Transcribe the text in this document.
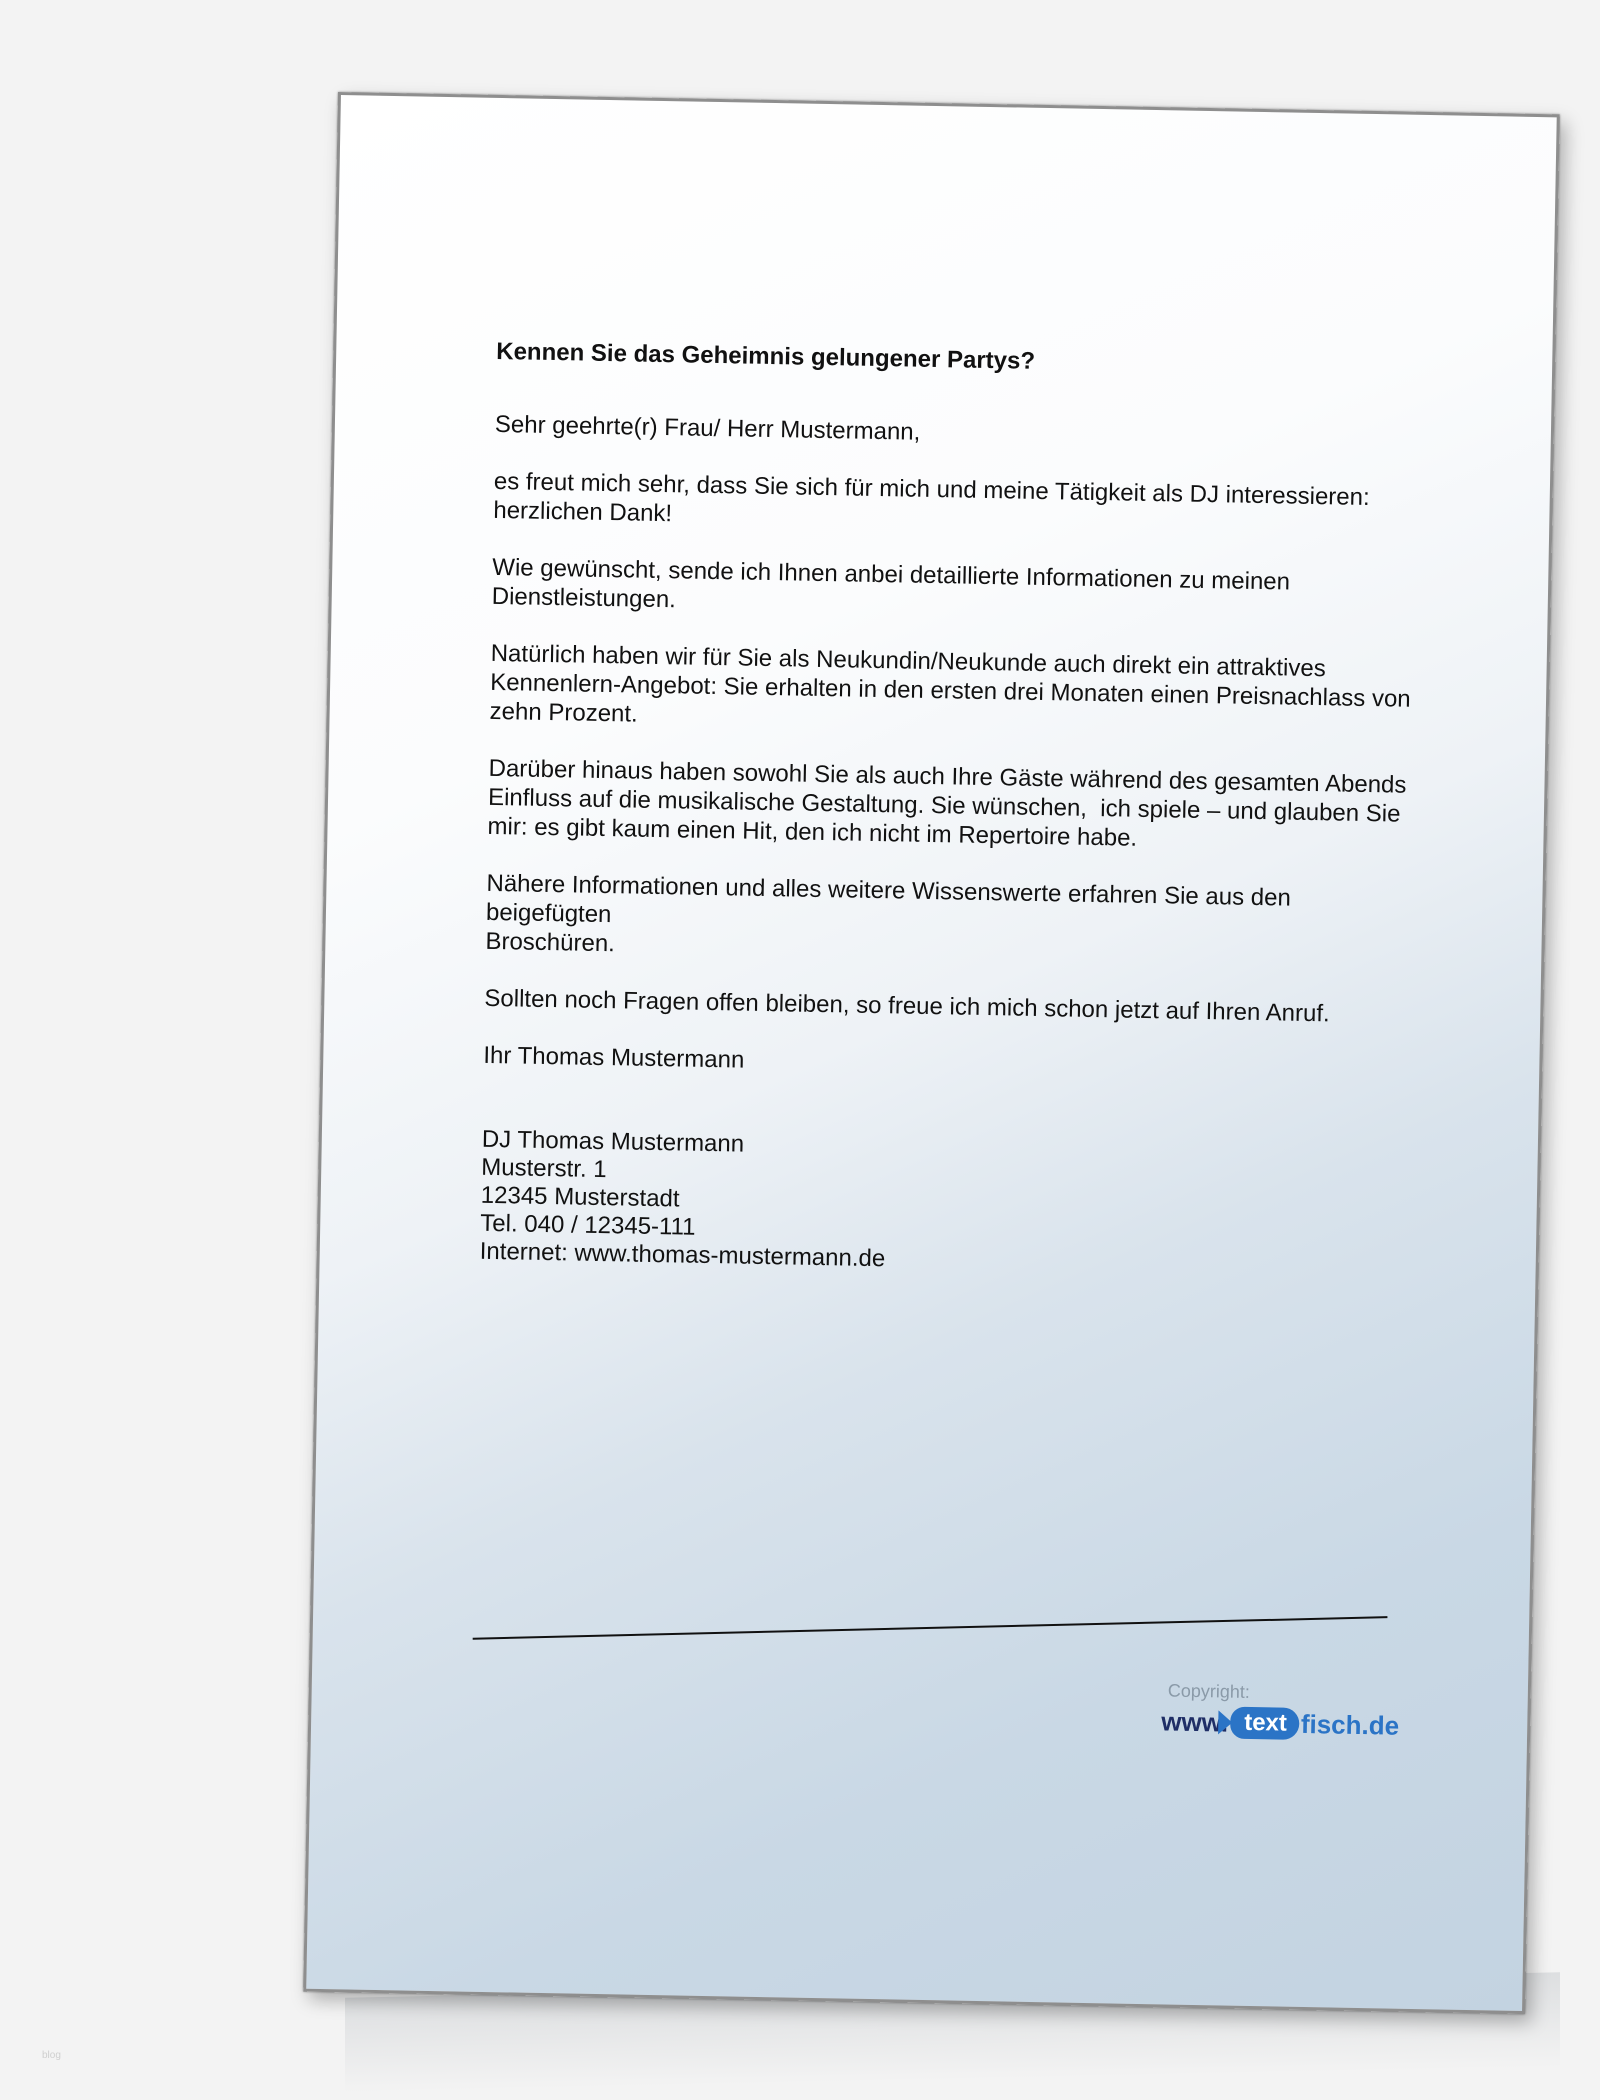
Kennen Sie das Geheimnis gelungener Partys?
Sehr geehrte(r) Frau/ Herr Mustermann,
es freut mich sehr, dass Sie sich für mich und meine Tätigkeit als DJ interessieren:
herzlichen Dank!
Wie gewünscht, sende ich Ihnen anbei detaillierte Informationen zu meinen
Dienstleistungen.
Natürlich haben wir für Sie als Neukundin/Neukunde auch direkt ein attraktives
Kennenlern-Angebot: Sie erhalten in den ersten drei Monaten einen Preisnachlass von
zehn Prozent.
Darüber hinaus haben sowohl Sie als auch Ihre Gäste während des gesamten Abends
Einfluss auf die musikalische Gestaltung. Sie wünschen,  ich spiele – und glauben Sie
mir: es gibt kaum einen Hit, den ich nicht im Repertoire habe.
Nähere Informationen und alles weitere Wissenswerte erfahren Sie aus den beigefügten
Broschüren.
Sollten noch Fragen offen bleiben, so freue ich mich schon jetzt auf Ihren Anruf.
Ihr Thomas Mustermann
DJ Thomas Mustermann
Musterstr. 1
12345 Musterstadt
Tel. 040 / 12345-111
Internet: www.thomas-mustermann.de
Copyright:
www. text fisch.de
blog
